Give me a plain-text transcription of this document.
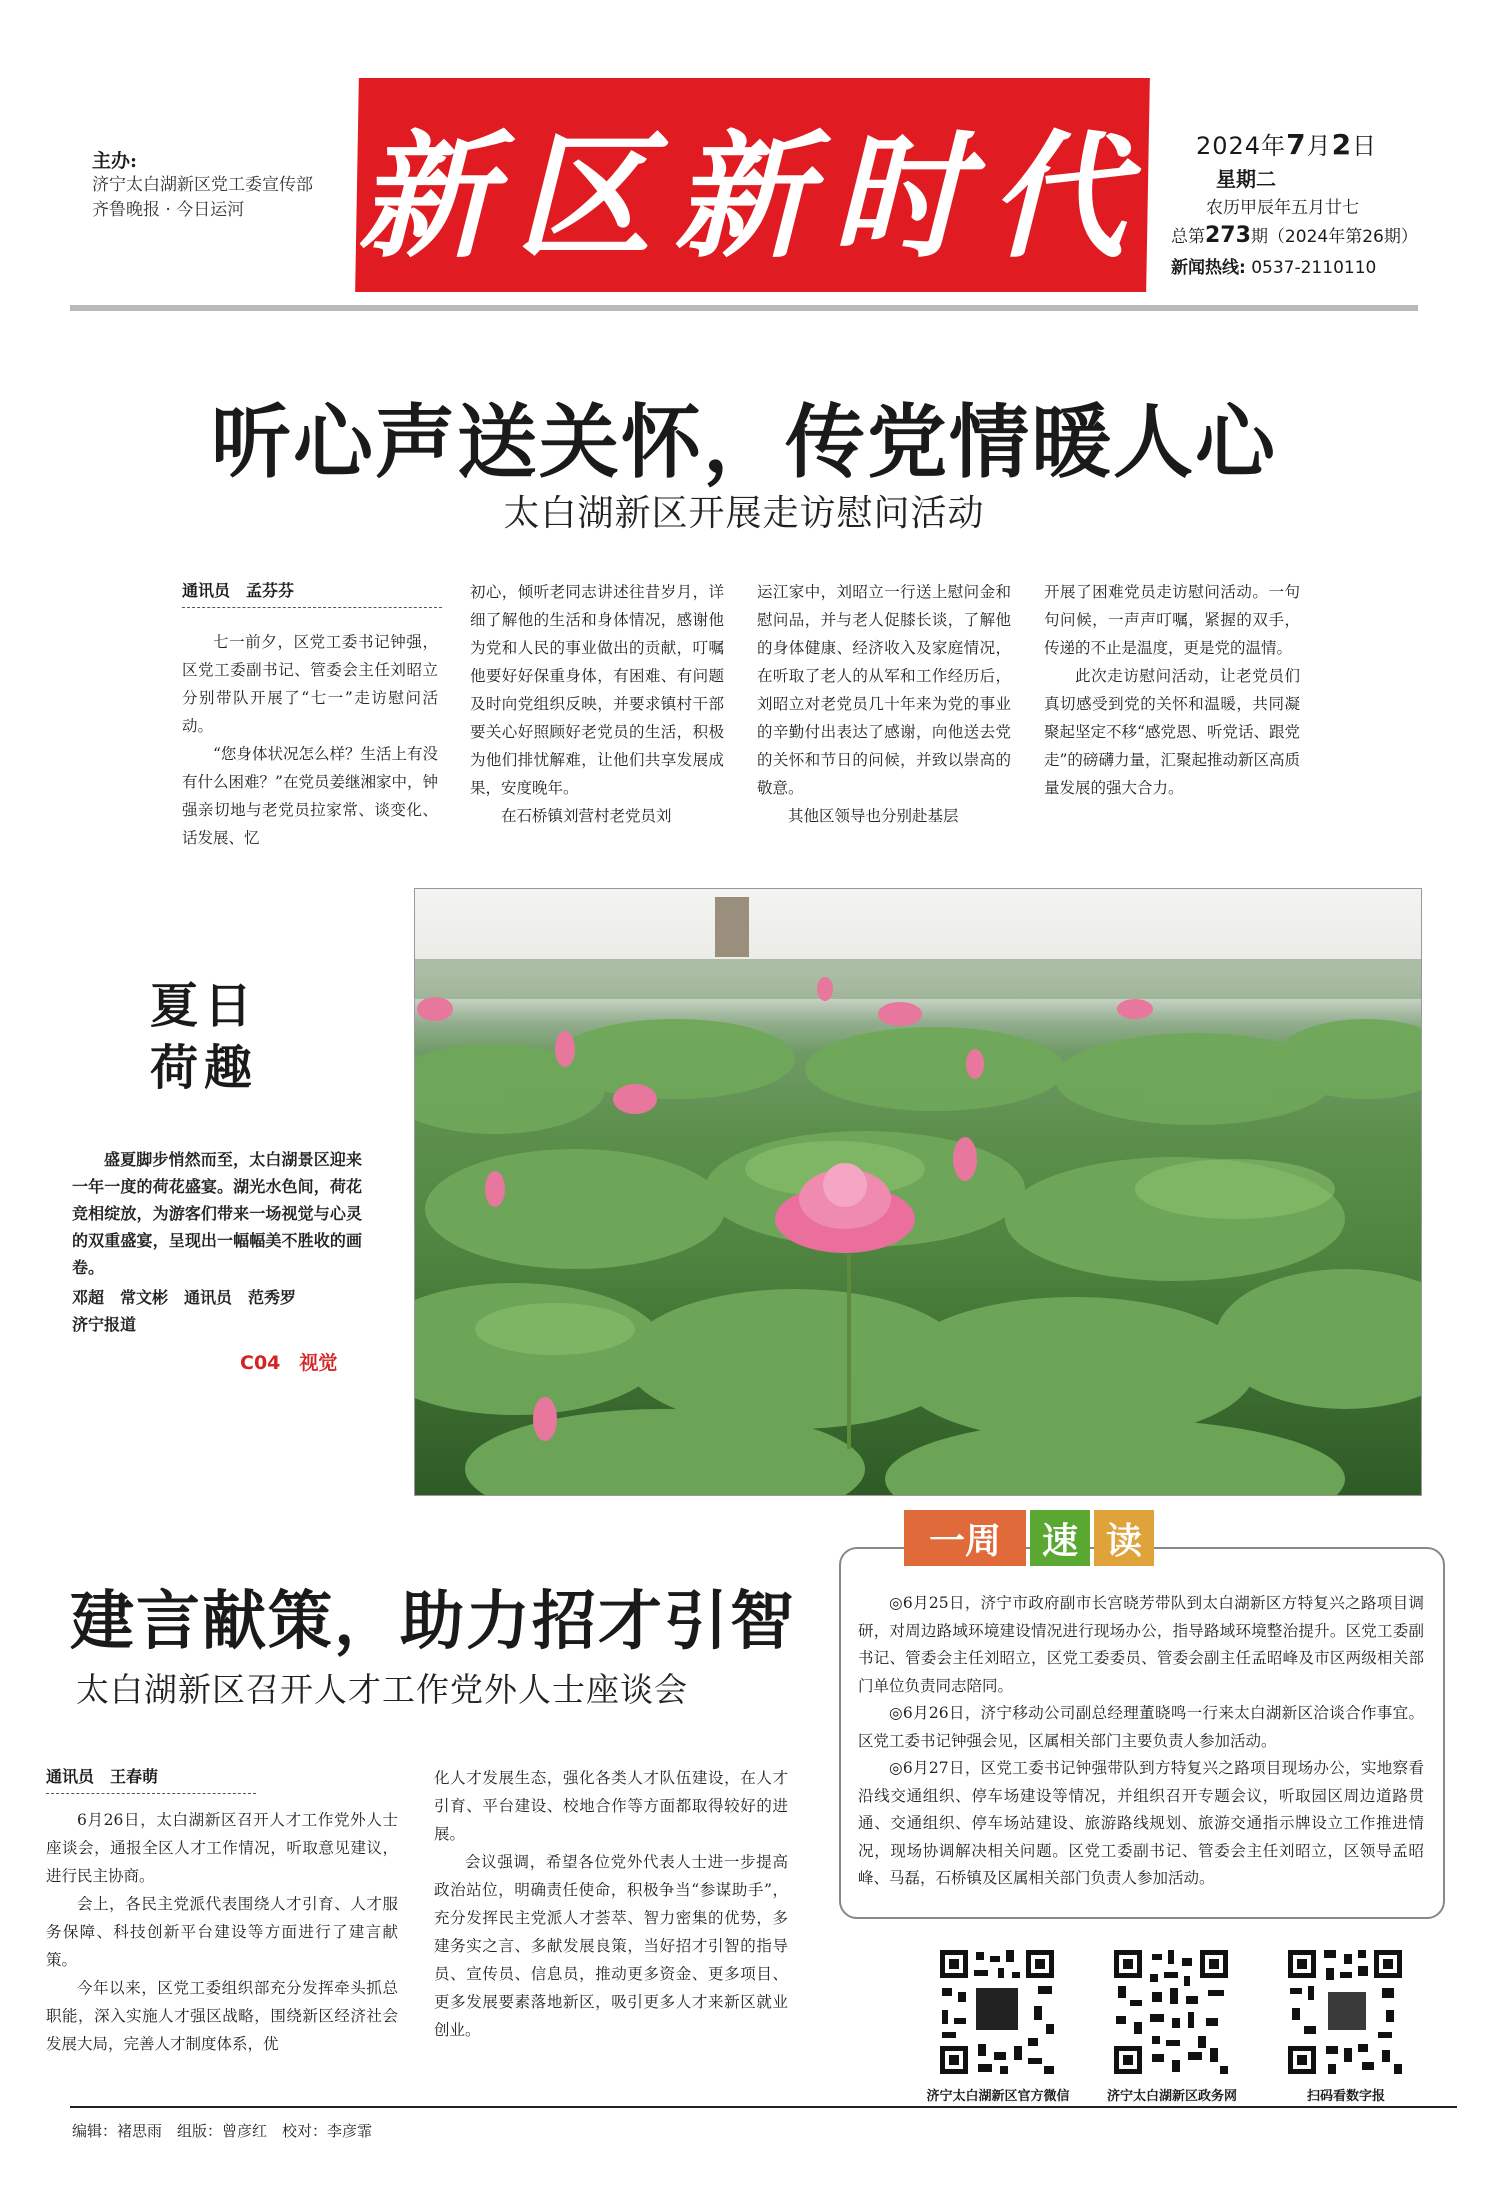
主办:
济宁太白湖新区党工委宣传部
齐鲁晚报 · 今日运河 新区新时代 2024年7月2日
星期二
农历甲辰年五月廿七
总第273期（2024年第26期）
新闻热线: 0537-2110110
听心声送关怀，传党情暖人心
太白湖新区开展走访慰问活动
通讯员　孟芬芬

七一前夕，区党工委书记钟强，区党工委副书记、管委会主任刘昭立分别带队开展了“七一”走访慰问活动。

“您身体状况怎么样？生活上有没有什么困难？”在党员姜继湘家中，钟强亲切地与老党员拉家常、谈变化、话发展、忆

初心，倾听老同志讲述往昔岁月，详细了解他的生活和身体情况，感谢他为党和人民的事业做出的贡献，叮嘱他要好好保重身体，有困难、有问题及时向党组织反映，并要求镇村干部要关心好照顾好老党员的生活，积极为他们排忧解难，让他们共享发展成果，安度晚年。

在石桥镇刘营村老党员刘

运江家中，刘昭立一行送上慰问金和慰问品，并与老人促膝长谈，了解他的身体健康、经济收入及家庭情况，在听取了老人的从军和工作经历后，刘昭立对老党员几十年来为党的事业的辛勤付出表达了感谢，向他送去党的关怀和节日的问候，并致以崇高的敬意。

其他区领导也分别赴基层

开展了困难党员走访慰问活动。一句句问候，一声声叮嘱，紧握的双手，传递的不止是温度，更是党的温情。

此次走访慰问活动，让老党员们真切感受到党的关怀和温暖，共同凝聚起坚定不移“感党恩、听党话、跟党走”的磅礴力量，汇聚起推动新区高质量发展的强大合力。

夏日
荷趣

盛夏脚步悄然而至，太白湖景区迎来一年一度的荷花盛宴。湖光水色间，荷花竞相绽放，为游客们带来一场视觉与心灵的双重盛宴，呈现出一幅幅美不胜收的画卷。

邓超　常文彬　通讯员　范秀罗
济宁报道
C04　视觉
建言献策，助力招才引智
太白湖新区召开人才工作党外人士座谈会
通讯员　王春萌

6月26日，太白湖新区召开人才工作党外人士座谈会，通报全区人才工作情况，听取意见建议，进行民主协商。

会上，各民主党派代表围绕人才引育、人才服务保障、科技创新平台建设等方面进行了建言献策。

今年以来，区党工委组织部充分发挥牵头抓总职能，深入实施人才强区战略，围绕新区经济社会发展大局，完善人才制度体系，优

化人才发展生态，强化各类人才队伍建设，在人才引育、平台建设、校地合作等方面都取得较好的进展。

会议强调，希望各位党外代表人士进一步提高政治站位，明确责任使命，积极争当“参谋助手”，充分发挥民主党派人才荟萃、智力密集的优势，多建务实之言、多献发展良策，当好招才引智的指导员、宣传员、信息员，推动更多资金、更多项目、更多发展要素落地新区，吸引更多人才来新区就业创业。

一 周	速 读

◎6月25日，济宁市政府副市长宫晓芳带队到太白湖新区方特复兴之路项目调研，对周边路域环境建设情况进行现场办公，指导路域环境整治提升。区党工委副书记、管委会主任刘昭立，区党工委委员、管委会副主任孟昭峰及市区两级相关部门单位负责同志陪同。

◎6月26日，济宁移动公司副总经理董晓鸣一行来太白湖新区洽谈合作事宜。区党工委书记钟强会见，区属相关部门主要负责人参加活动。

◎6月27日，区党工委书记钟强带队到方特复兴之路项目现场办公，实地察看沿线交通组织、停车场建设等情况，并组织召开专题会议，听取园区周边道路贯通、交通组织、停车场站建设、旅游路线规划、旅游交通指示牌设立工作推进情况，现场协调解决相关问题。区党工委副书记、管委会主任刘昭立，区领导孟昭峰、马磊，石桥镇及区属相关部门负责人参加活动。

济宁太白湖新区官方微信	济宁太白湖新区政务网	扫码看数字报
编辑：褚思雨　组版：曾彦红　校对：李彦霏
